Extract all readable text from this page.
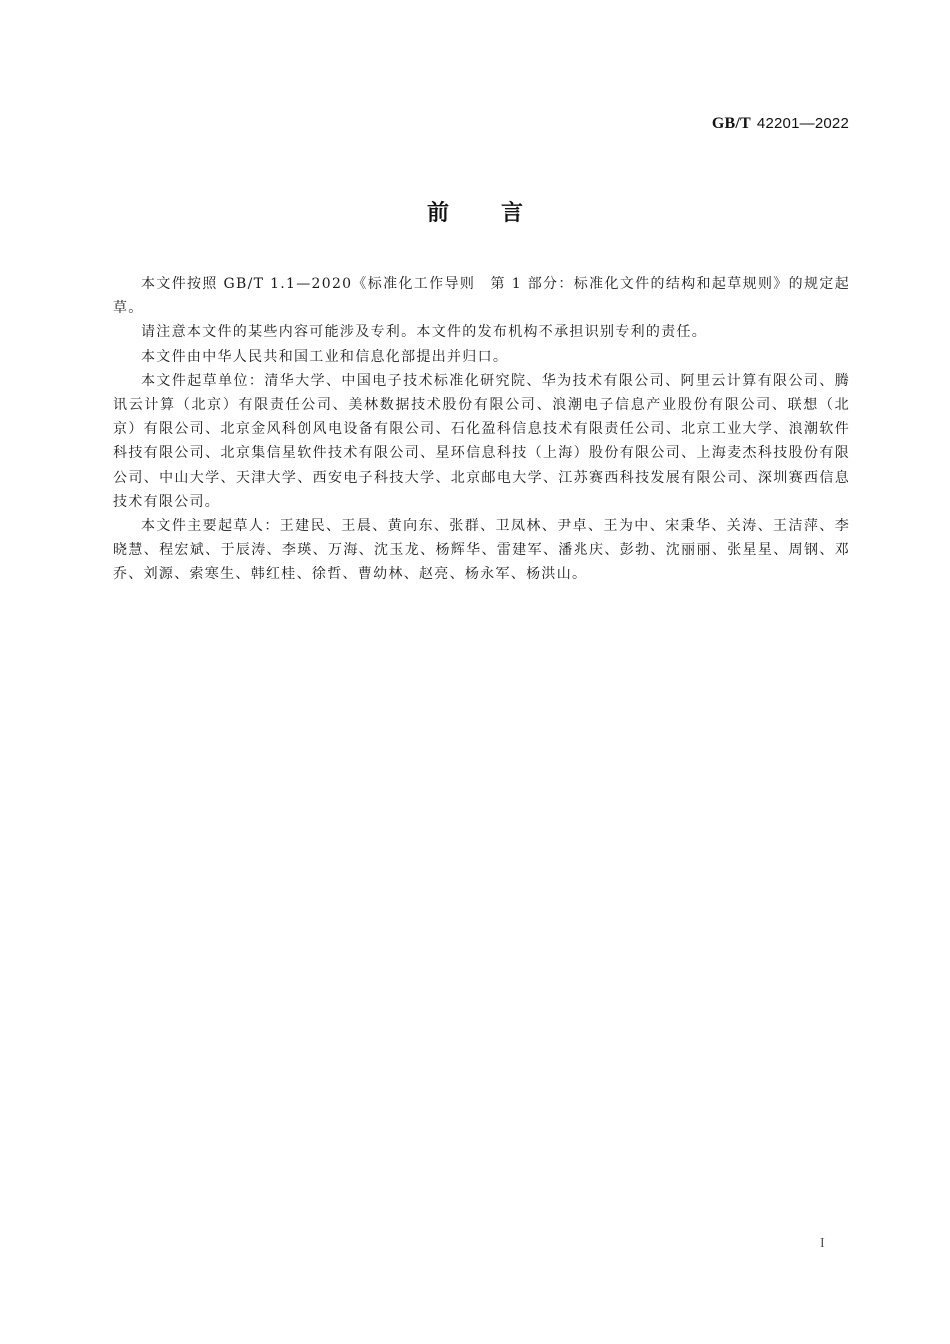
GB/T 42201—2022
前 言

本文件按照 GB/T 1.1—2020《标准化工作导则　第 1 部分：标准化文件的结构和起草规则》的规定起草。

请注意本文件的某些内容可能涉及专利。本文件的发布机构不承担识别专利的责任。

本文件由中华人民共和国工业和信息化部提出并归口。

本文件起草单位：清华大学、中国电子技术标准化研究院、华为技术有限公司、阿里云计算有限公司、腾讯云计算（北京）有限责任公司、美林数据技术股份有限公司、浪潮电子信息产业股份有限公司、联想（北京）有限公司、北京金风科创风电设备有限公司、石化盈科信息技术有限责任公司、北京工业大学、浪潮软件科技有限公司、北京集信星软件技术有限公司、星环信息科技（上海）股份有限公司、上海麦杰科技股份有限公司、中山大学、天津大学、西安电子科技大学、北京邮电大学、江苏赛西科技发展有限公司、深圳赛西信息技术有限公司。

本文件主要起草人：王建民、王晨、黄向东、张群、卫凤林、尹卓、王为中、宋秉华、关涛、王洁萍、李晓慧、程宏斌、于辰涛、李瑛、万海、沈玉龙、杨辉华、雷建军、潘兆庆、彭勃、沈丽丽、张星星、周钢、邓乔、刘源、索寒生、韩红桂、徐哲、曹幼林、赵亮、杨永军、杨洪山。

I
